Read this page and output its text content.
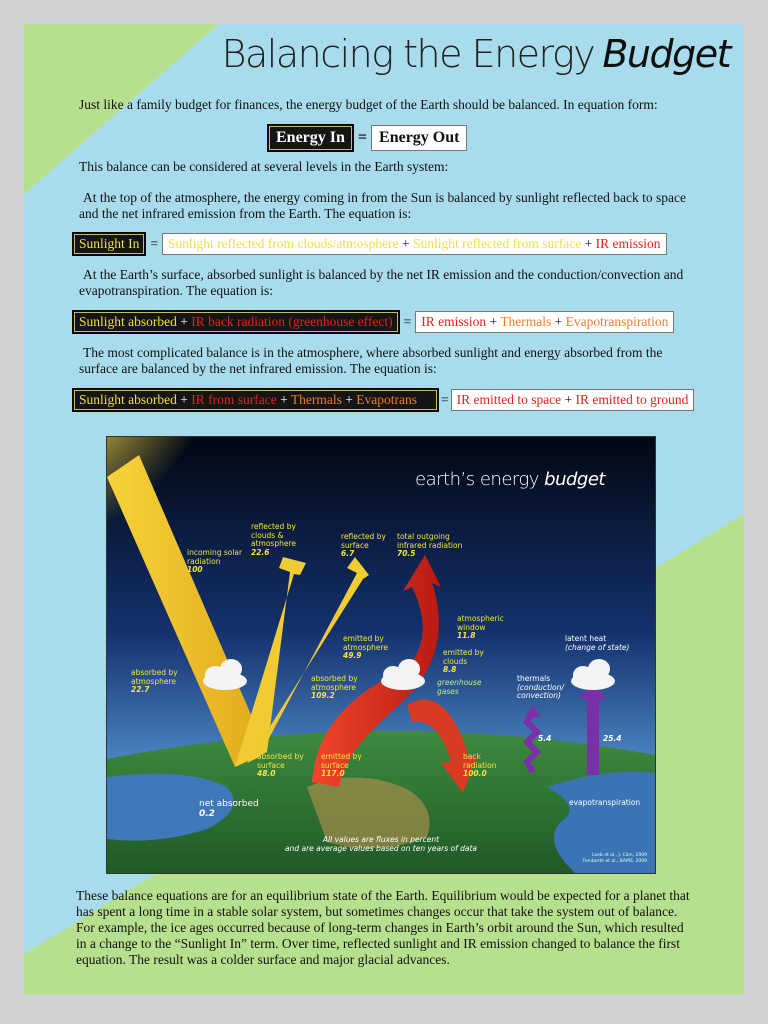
Balancing the Energy Budget

Just like a family budget for finances, the energy budget of the Earth should be balanced. In equation form:

Energy In = Energy Out

This balance can be considered at several levels in the Earth system:

At the top of the atmosphere, the energy coming in from the Sun is balanced by sunlight reflected back to space and the net infrared emission from the Earth. The equation is:

Sunlight In = Sunlight reflected from clouds/atmosphere + Sunlight reflected from surface + IR emission

At the Earth’s surface, absorbed sunlight is balanced by the net IR emission and the conduction/convection and evapotranspiration. The equation is:

Sunlight absorbed + IR back radiation (greenhouse effect) = IR emission + Thermals + Evapotranspiration

The most complicated balance is in the atmosphere, where absorbed sunlight and energy absorbed from the surface are balanced by the net infrared emission. The equation is:

Sunlight absorbed + IR from surface + Thermals + Evapotrans = IR emitted to space + IR emitted to ground
earth’s energy budget
incoming solar radiation
100
reflected by clouds & atmosphere
22.6
reflected by surface
6.7
total outgoing infrared radiation
70.5
atmospheric window
11.8
emitted by atmosphere
49.9	emitted by clouds
8.8
absorbed by atmosphere
22.7
absorbed by atmosphere
109.2
greenhouse gases
absorbed by surface
48.0
emitted by surface
117.0
back radiation
100.0
thermals (conduction/ convection)
5.4
latent heat (change of state)
25.4
evapotranspiration
net absorbed
0.2
All values are fluxes in percent
and are average values based on ten years of data
Loeb et al., J. Clim, 2009
Trenberth et al., BAMS, 2009

These balance equations are for an equilibrium state of the Earth. Equilibrium would be expected for a planet that has spent a long time in a stable solar system, but sometimes changes occur that take the system out of balance. For example, the ice ages occurred because of long-term changes in Earth’s orbit around the Sun, which resulted in a change to the “Sunlight In” term. Over time, reflected sunlight and IR emission changed to balance the first equation. The result was a colder surface and major glacial advances.
